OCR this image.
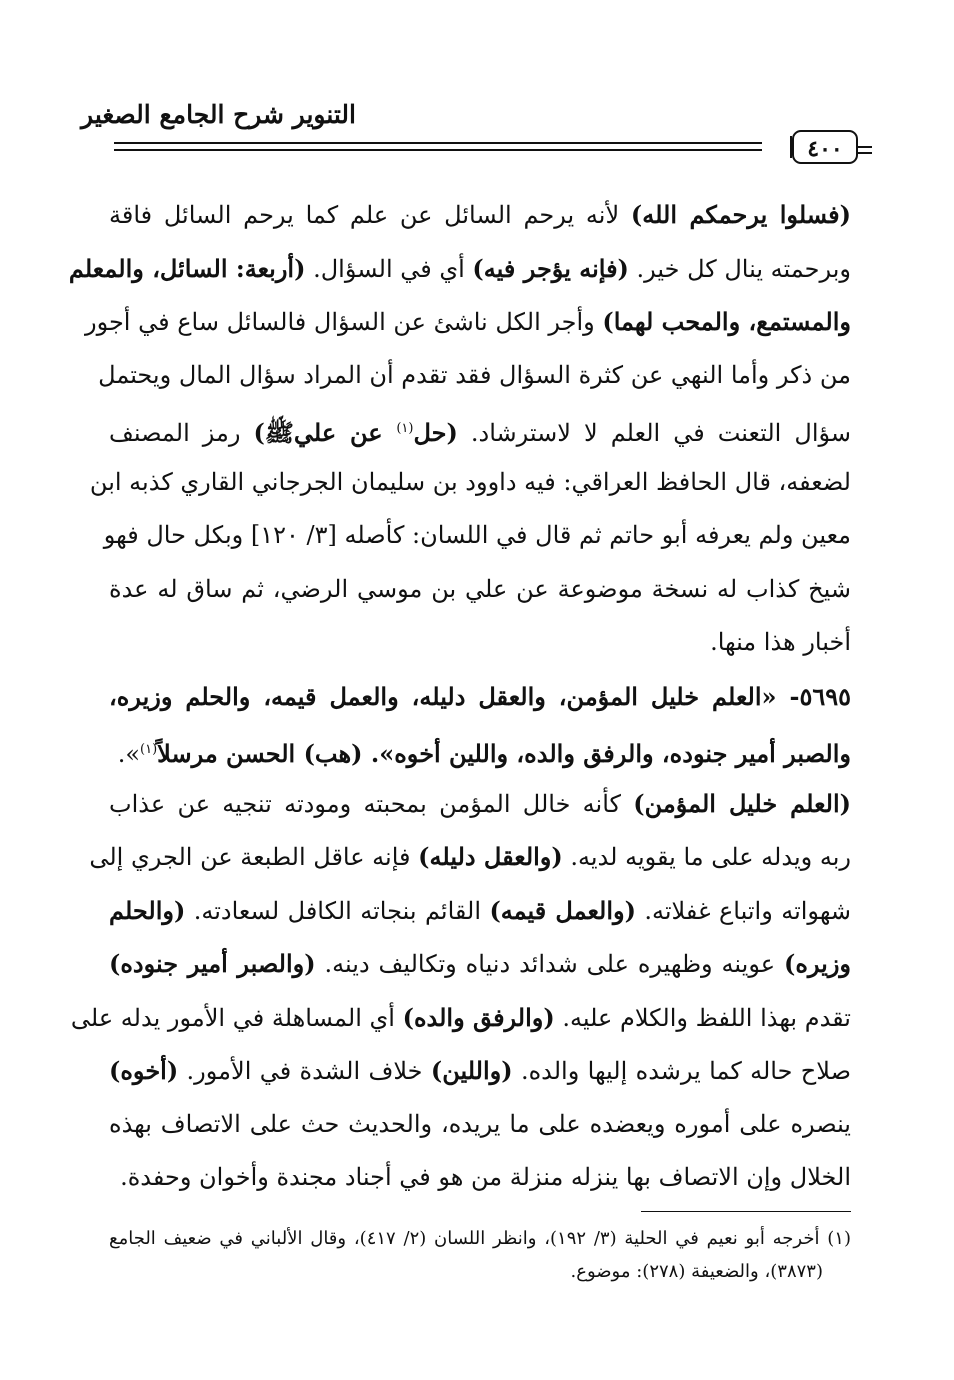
التنوير شرح الجامع الصغير
٤٠٠
(فسلوا يرحمكم الله) لأنه يرحم السائل عن علم كما يرحم السائل فاقة
وبرحمته ينال كل خير. (فإنه يؤجر فيه) أي في السؤال. (أربعة: السائل، والمعلم
والمستمع، والمحب لهما) وأجر الكل ناشئ عن السؤال فالسائل ساع في أجور
من ذكر وأما النهي عن كثرة السؤال فقد تقدم أن المراد سؤال المال ويحتمل
سؤال التعنت في العلم لا لاسترشاد. (حل$^{(١)}$ عن عليﷺ) رمز المصنف
لضعفه، قال الحافظ العراقي: فيه داوود بن سليمان الجرجاني القاري كذبه ابن
معين ولم يعرفه أبو حاتم ثم قال في اللسان: كأصله [٣/ ١٢٠] وبكل حال فهو
شيخ كذاب له نسخة موضوعة عن علي بن موسي الرضي، ثم ساق له عدة
أخبار هذا منها.
٥٦٩٥- «العلم خليل المؤمن، والعقل دليله، والعمل قيمه، والحلم وزيره،
والصبر أمير جنوده، والرفق والده، واللين أخوه». (هب) الحسن مرسلاً$^{(١)}$».
(العلم خليل المؤمن) كأنه خالل المؤمن بمحبته ومودته تنجيه عن عذاب
ربه ويدله على ما يقويه لديه. (والعقل دليله) فإنه عاقل الطبعة عن الجري إلى
شهواته واتباع غفلاته. (والعمل قيمه) القائم بنجاته الكافل لسعادته. (والحلم
وزيره) عوينه وظهيره على شدائد دنياه وتكاليف دينه. (والصبر أمير جنوده)
تقدم بهذا اللفظ والكلام عليه. (والرفق والده) أي المساهلة في الأمور يدله على
صلاح حاله كما يرشده إليها والده. (واللين) خلاف الشدة في الأمور. (أخوه)
ينصره على أموره ويعضده على ما يريده، والحديث حث على الاتصاف بهذه
الخلال وإن الاتصاف بها ينزله منزلة من هو في أجناد مجندة وأخوان وحفدة.
(١) أخرجه أبو نعيم في الحلية (٣/ ١٩٢)، وانظر اللسان (٢/ ٤١٧)، وقال الألباني في ضعيف الجامع
(٣٨٧٣)، والضعيفة (٢٧٨): موضوع.
